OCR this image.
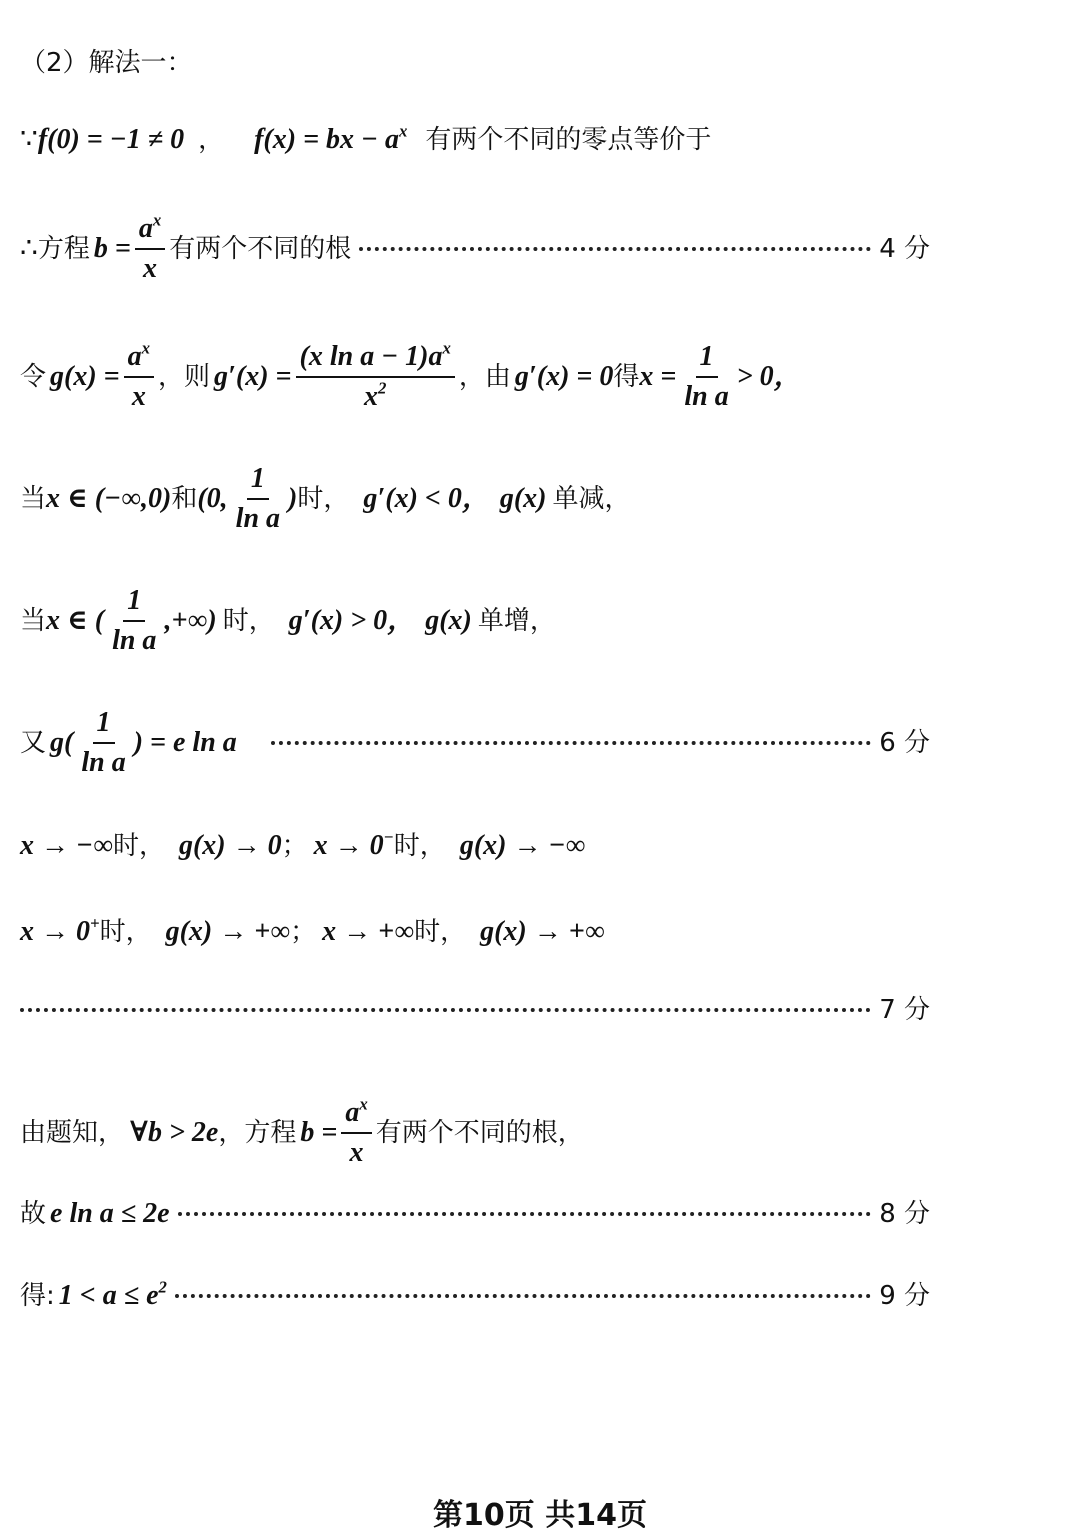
（2）解法一：
∵ f(0) = −1 ≠ 0 ， f(x) = bx − $a^x$ 有两个不同的零点等价于
∴ 方程 $b = \frac{a^x}{x}$ 有两个不同的根	4 分
令 $g(x) = \frac{a^x}{x}$ ，则 $g'(x) = \frac{(x \ln a - 1)a^x}{x^2}$ ，由 g′(x) = 0 得 $x = \frac{1}{\text{ln a}} > 0$，
当 x ∈ (−∞,0) 和 (0, $\frac{1}{\text{ln a}}$ ) 时， g′(x) < 0， g(x) 单减，
当 x ∈ ( $\frac{1}{\text{ln a}}$ ,+∞) 时， g′(x) > 0， g(x) 单增，
又 $g( \frac{1}{\text{ln a}}$ ) = e ln a	6 分
x → −∞ 时， g(x) → 0 ； x → 0− 时， g(x) → −∞
x → 0+ 时， g(x) → +∞ ； x → +∞ 时， g(x) → +∞
7 分
由题知， ∀b > 2e ，方程 $b = \frac{a^x}{x}$ 有两个不同的根，
故 e ln a ≤ 2e	8 分
得: $1 < a \le e^2$	9 分
第10页 共14页
